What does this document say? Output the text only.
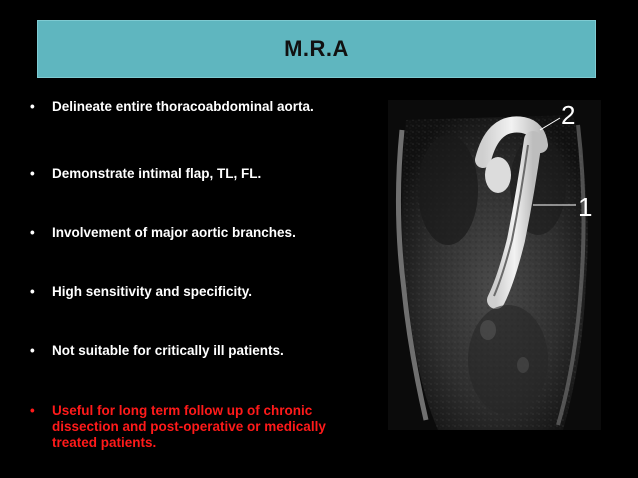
M.R.A
• Delineate entire thoracoabdominal aorta.
• Demonstrate intimal flap, TL, FL.
• Involvement of major aortic branches.
• High sensitivity and specificity.
• Not suitable for critically ill patients.
• Useful for long term follow up of chronic dissection and post-operative or medically treated patients.
2
1
